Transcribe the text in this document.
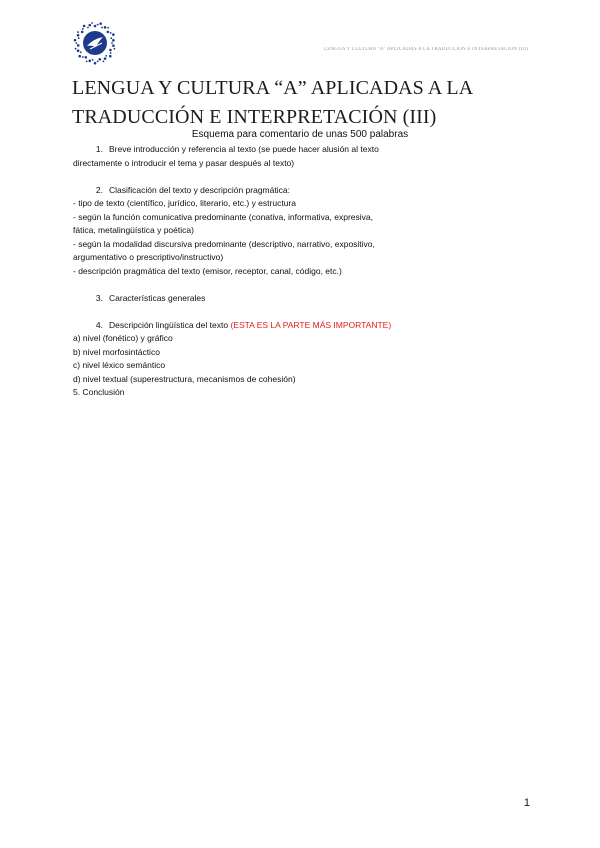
LENGUA Y CULTURA "A" APLICADAS A LA TRADUCCIÓN E INTERPRETACIÓN (III)
LENGUA Y CULTURA “A” APLICADAS A LA
TRADUCCIÓN E INTERPRETACIÓN (III)
Esquema para comentario de unas 500 palabras

1. Breve introducción y referencia al texto (se puede hacer alusión al texto

directamente o introducir el tema y pasar después al texto)

2. Clasificación del texto y descripción pragmática:

- tipo de texto (científico, jurídico, literario, etc.) y estructura

- según la función comunicativa predominante (conativa, informativa, expresiva,

fática, metalingüística y poética)

- según la modalidad discursiva predominante (descriptivo, narrativo, expositivo,

argumentativo o prescriptivo/instructivo)

- descripción pragmática del texto (emisor, receptor, canal, código, etc.)

3. Características generales

4. Descripción lingüística del texto (ESTA ES LA PARTE MÁS IMPORTANTE)

a) nivel (fonético) y gráfico

b) nivel morfosintáctico

c) nivel léxico semántico

d) nivel textual (superestructura, mecanismos de cohesión)

5. Conclusión

1
